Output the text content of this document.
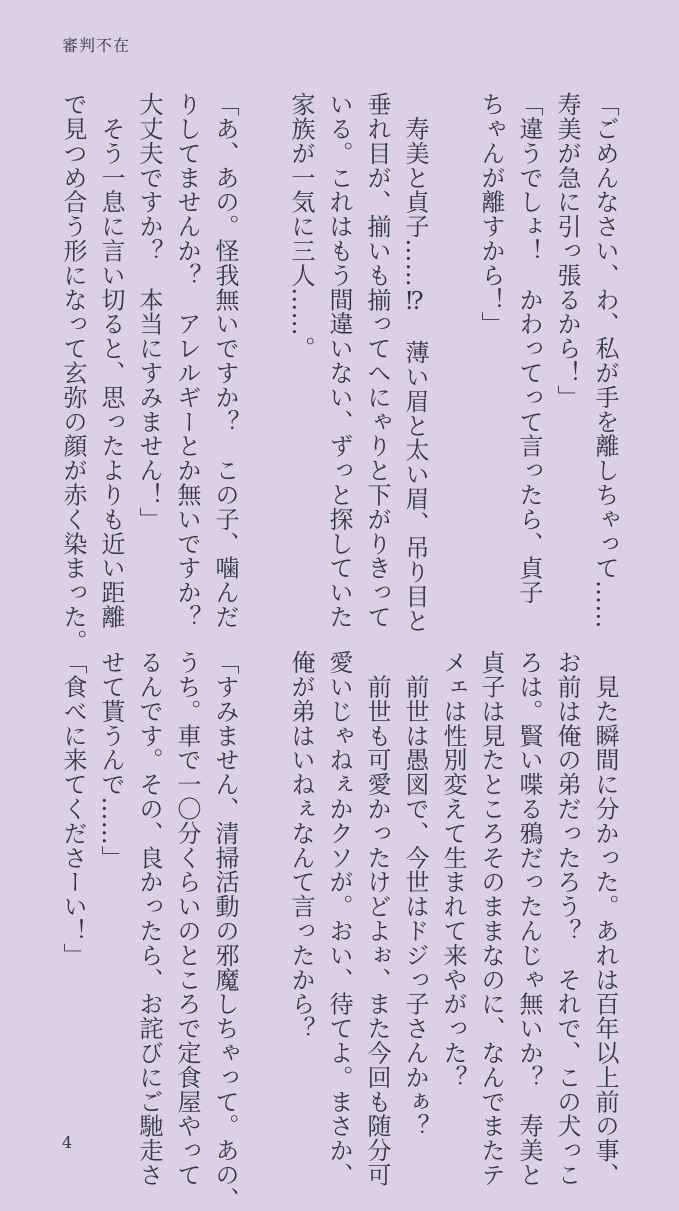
審判不在
「ごめんなさい、わ、私が手を離しちゃって……
寿美が急に引っ張るから！」
「違うでしょ！　かわってって言ったら、貞子
ちゃんが離すから！」
　寿美と貞子……⁉　薄い眉と太い眉、吊り目と
垂れ目が、揃いも揃ってへにゃりと下がりきって
いる。これはもう間違いない、ずっと探していた
家族が一気に三人……。
「あ、あの。怪我無いですか？　この子、噛んだ
りしてませんか？　アレルギーとか無いですか？
大丈夫ですか？　本当にすみません！」
　そう一息に言い切ると、思ったよりも近い距離
で見つめ合う形になって玄弥の顔が赤く染まった。
　見た瞬間に分かった。あれは百年以上前の事、
お前は俺の弟だったろう？　それで、この犬っこ
ろは。賢い喋る鴉だったんじゃ無いか？　寿美と
貞子は見たところそのままなのに、なんでまたテ
メェは性別変えて生まれて来やがった？
　前世は愚図で、今世はドジっ子さんかぁ？
　前世も可愛かったけどよぉ、また今回も随分可
愛いじゃねぇかクソが。おい、待てよ。まさか、
俺が弟はいねぇなんて言ったから？
「すみません、清掃活動の邪魔しちゃって。あの、
うち。車で一〇分くらいのところで定食屋やって
るんです。その、良かったら、お詫びにご馳走さ
せて貰うんで……」
「食べに来てくださーい！」
4
